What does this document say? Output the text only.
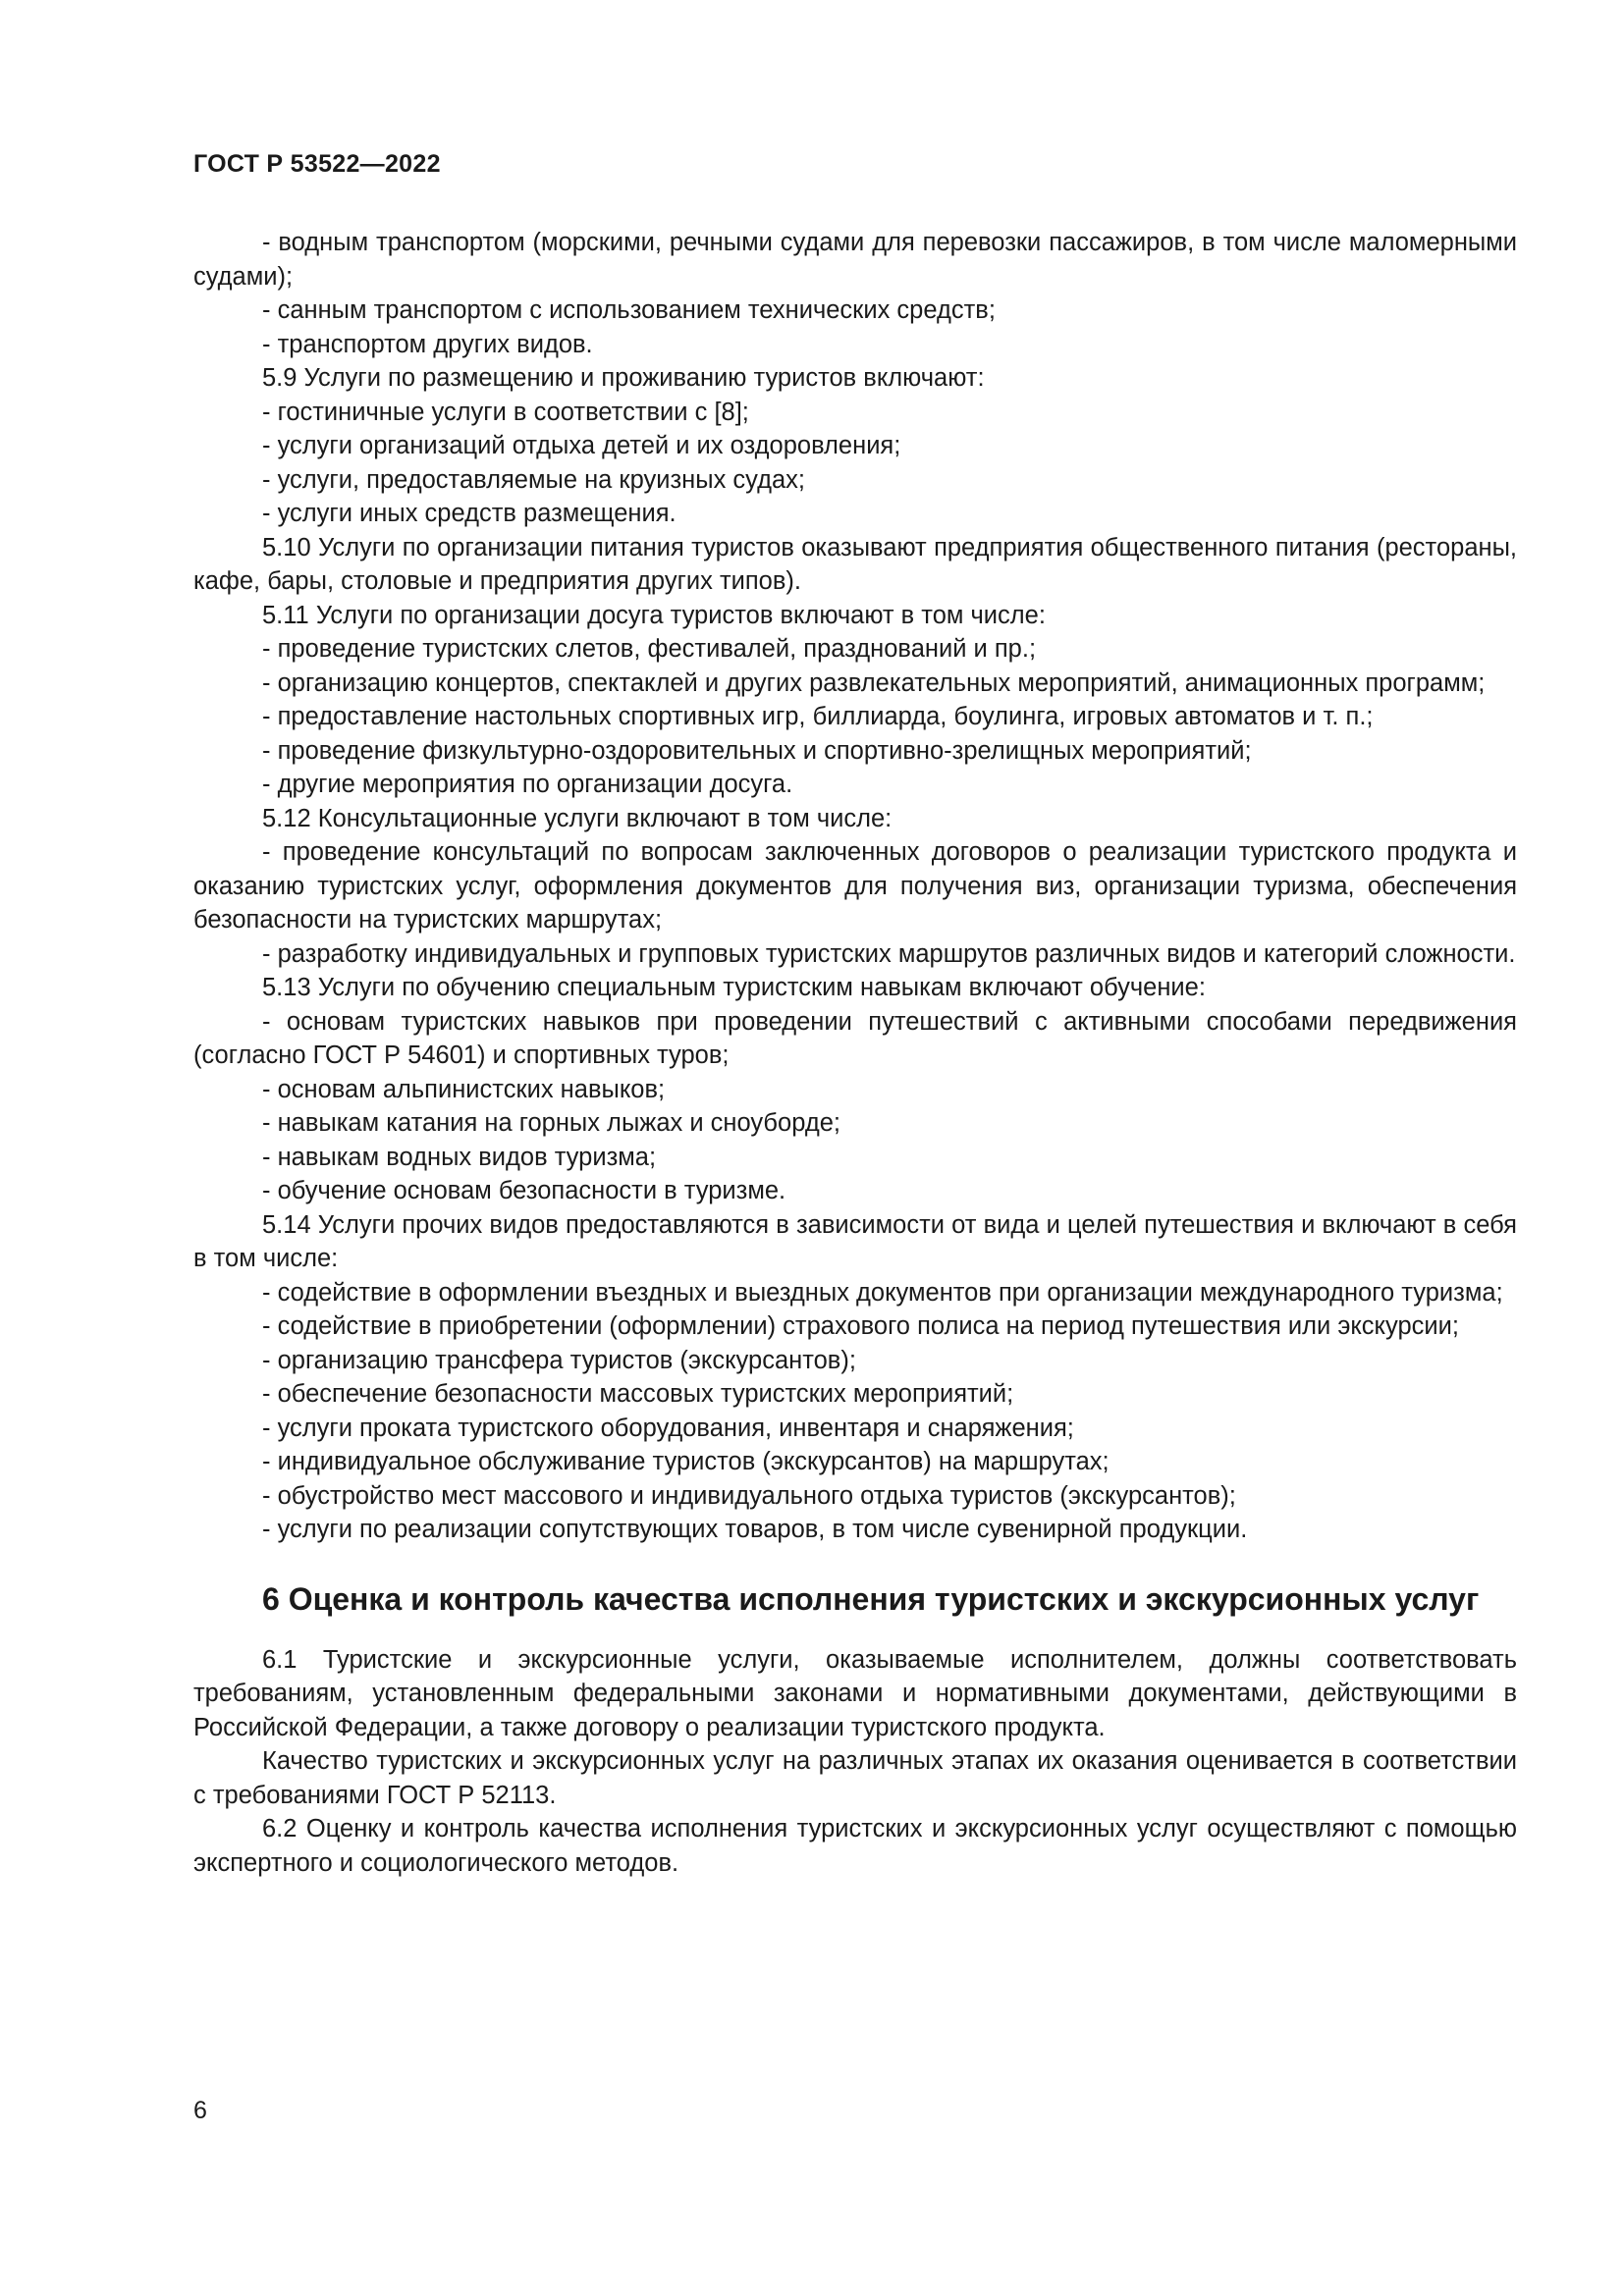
ГОСТ Р 53522—2022

- водным транспортом (морскими, речными судами для перевозки пассажиров, в том числе маломерными судами);

- санным транспортом с использованием технических средств;

- транспортом других видов.

5.9 Услуги по размещению и проживанию туристов включают:

- гостиничные услуги в соответствии с [8];

- услуги организаций отдыха детей и их оздоровления;

- услуги, предоставляемые на круизных судах;

- услуги иных средств размещения.

5.10 Услуги по организации питания туристов оказывают предприятия общественного питания (рестораны, кафе, бары, столовые и предприятия других типов).

5.11 Услуги по организации досуга туристов включают в том числе:

- проведение туристских слетов, фестивалей, празднований и пр.;

- организацию концертов, спектаклей и других развлекательных мероприятий, анимационных программ;

- предоставление настольных спортивных игр, биллиарда, боулинга, игровых автоматов и т. п.;

- проведение физкультурно-оздоровительных и спортивно-зрелищных мероприятий;

- другие мероприятия по организации досуга.

5.12 Консультационные услуги включают в том числе:

- проведение консультаций по вопросам заключенных договоров о реализации туристского продукта и оказанию туристских услуг, оформления документов для получения виз, организации туризма, обеспечения безопасности на туристских маршрутах;

- разработку индивидуальных и групповых туристских маршрутов различных видов и категорий сложности.

5.13 Услуги по обучению специальным туристским навыкам включают обучение:

- основам туристских навыков при проведении путешествий с активными способами передвижения (согласно ГОСТ Р 54601) и спортивных туров;

- основам альпинистских навыков;

- навыкам катания на горных лыжах и сноуборде;

- навыкам водных видов туризма;

- обучение основам безопасности в туризме.

5.14 Услуги прочих видов предоставляются в зависимости от вида и целей путешествия и включают в себя в том числе:

- содействие в оформлении въездных и выездных документов при организации международного туризма;

- содействие в приобретении (оформлении) страхового полиса на период путешествия или экскурсии;

- организацию трансфера туристов (экскурсантов);

- обеспечение безопасности массовых туристских мероприятий;

- услуги проката туристского оборудования, инвентаря и снаряжения;

- индивидуальное обслуживание туристов (экскурсантов) на маршрутах;

- обустройство мест массового и индивидуального отдыха туристов (экскурсантов);

- услуги по реализации сопутствующих товаров, в том числе сувенирной продукции.

6 Оценка и контроль качества исполнения туристских и экскурсионных услуг

6.1 Туристские и экскурсионные услуги, оказываемые исполнителем, должны соответствовать требованиям, установленным федеральными законами и нормативными документами, действующими в Российской Федерации, а также договору о реализации туристского продукта.

Качество туристских и экскурсионных услуг на различных этапах их оказания оценивается в соответствии с требованиями ГОСТ Р 52113.

6.2 Оценку и контроль качества исполнения туристских и экскурсионных услуг осуществляют с помощью экспертного и социологического методов.

6
